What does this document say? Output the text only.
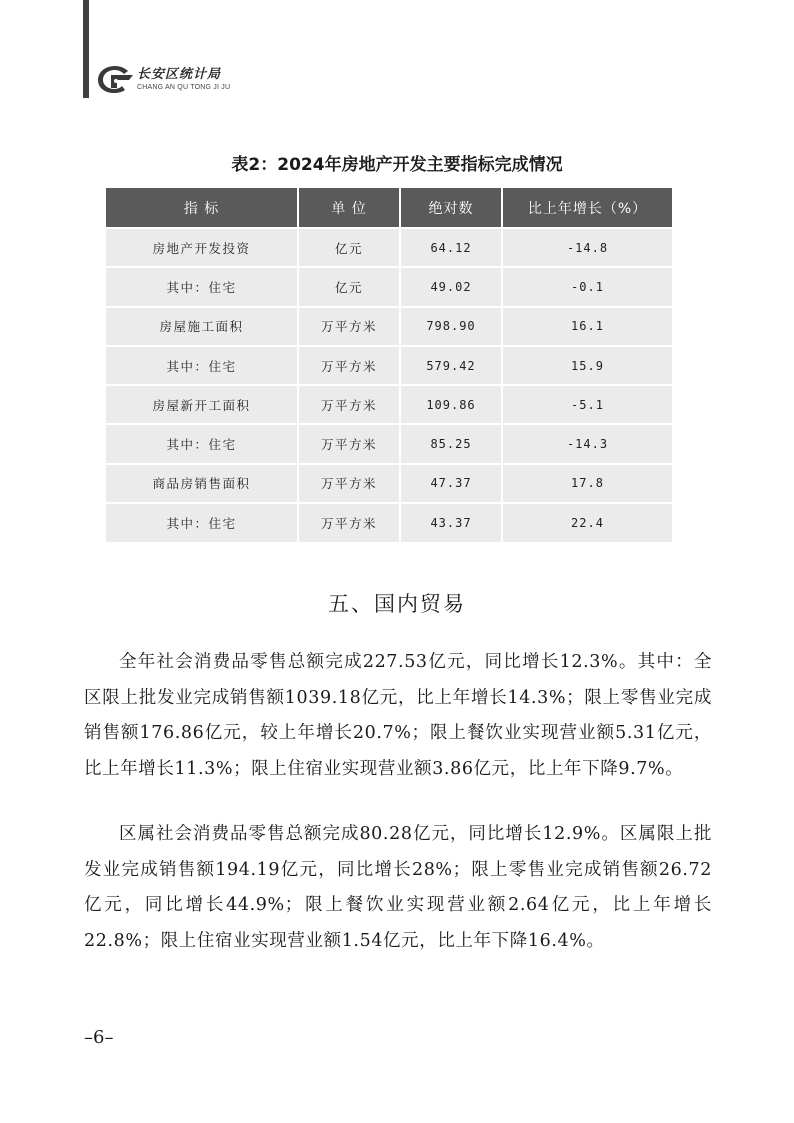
长安区统计局
CHANG AN QU TONG JI JU
表2：2024年房地产开发主要指标完成情况
指 标	单 位	绝对数	比上年增长（%）
房地产开发投资	亿元	64.12	-14.8
其中：住宅	亿元	49.02	-0.1
房屋施工面积	万平方米	798.90	16.1
其中：住宅	万平方米	579.42	15.9
房屋新开工面积	万平方米	109.86	-5.1
其中：住宅	万平方米	85.25	-14.3
商品房销售面积	万平方米	47.37	17.8
其中：住宅	万平方米	43.37	22.4
五、国内贸易

全年社会消费品零售总额完成227.53亿元，同比增长12.3%。其中：全区限上批发业完成销售额1039.18亿元，比上年增长14.3%；限上零售业完成销售额176.86亿元，较上年增长20.7%；限上餐饮业实现营业额5.31亿元，比上年增长11.3%；限上住宿业实现营业额3.86亿元，比上年下降9.7%。

区属社会消费品零售总额完成80.28亿元，同比增长12.9%。区属限上批发业完成销售额194.19亿元，同比增长28%；限上零售业完成销售额26.72亿元，同比增长44.9%；限上餐饮业实现营业额2.64亿元，比上年增长22.8%；限上住宿业实现营业额1.54亿元，比上年下降16.4%。

–6–
